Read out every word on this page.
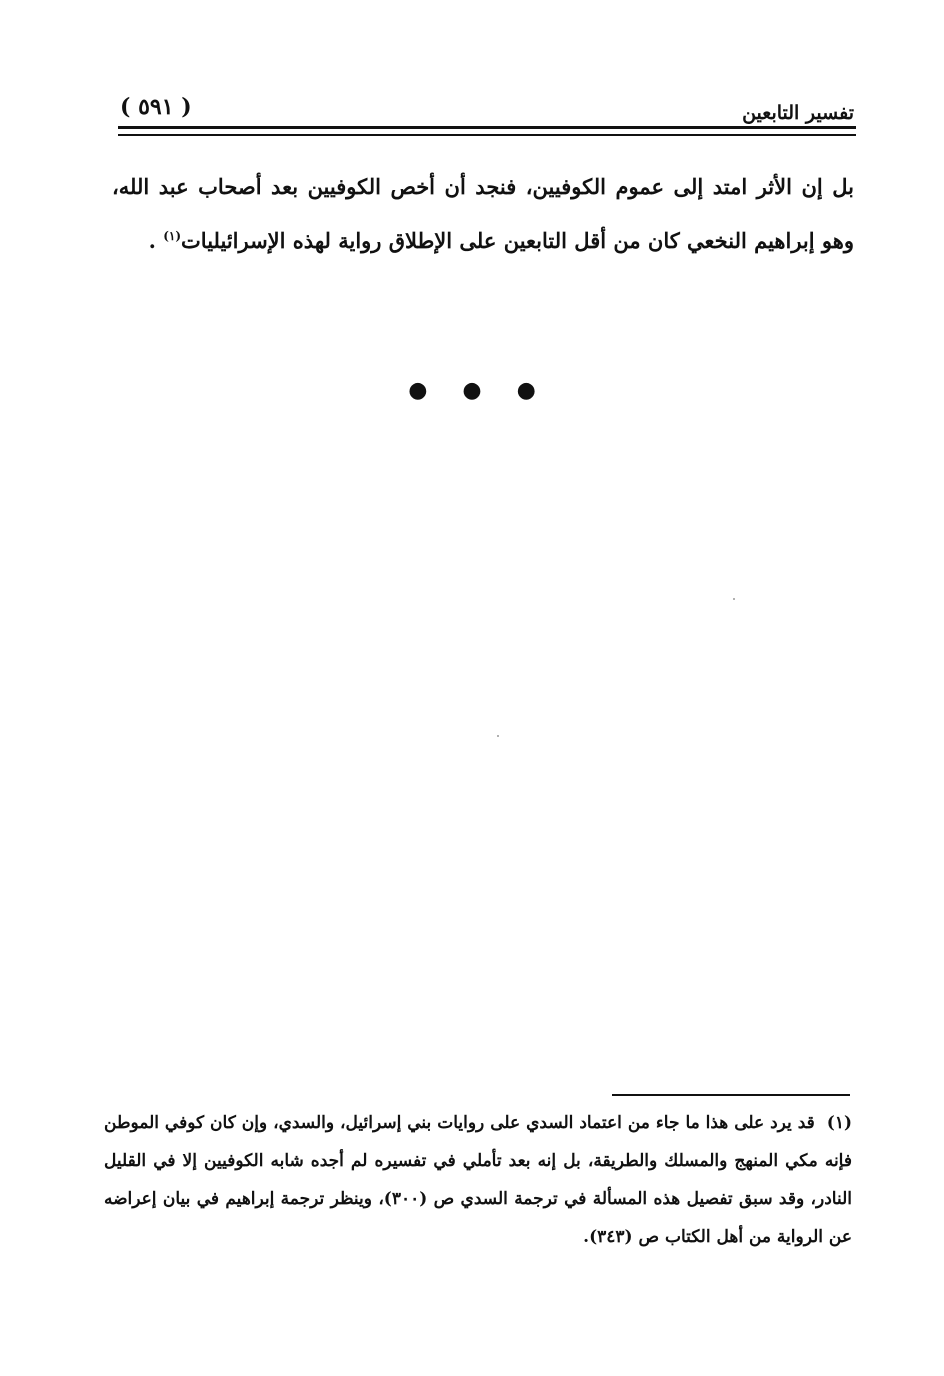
تفسير التابعين
( ٥٩١ )
بل إن الأثر امتد إلى عموم الكوفيين، فنجد أن أخص الكوفيين بعد أصحاب عبد الله، وهو إبراهيم النخعي كان من أقل التابعين على الإطلاق رواية لهذه الإسرائيليات$^{(١)}$ .
● ● ●
(١)قد يرد على هذا ما جاء من اعتماد السدي على روايات بني إسرائيل، والسدي، وإن كان كوفي الموطن فإنه مكي المنهج والمسلك والطريقة، بل إنه بعد تأملي في تفسيره لم أجده شابه الكوفيين إلا في القليل النادر، وقد سبق تفصيل هذه المسألة في ترجمة السدي ص (٣٠٠)، وينظر ترجمة إبراهيم في بيان إعراضه عن الرواية من أهل الكتاب ص (٣٤٣).
